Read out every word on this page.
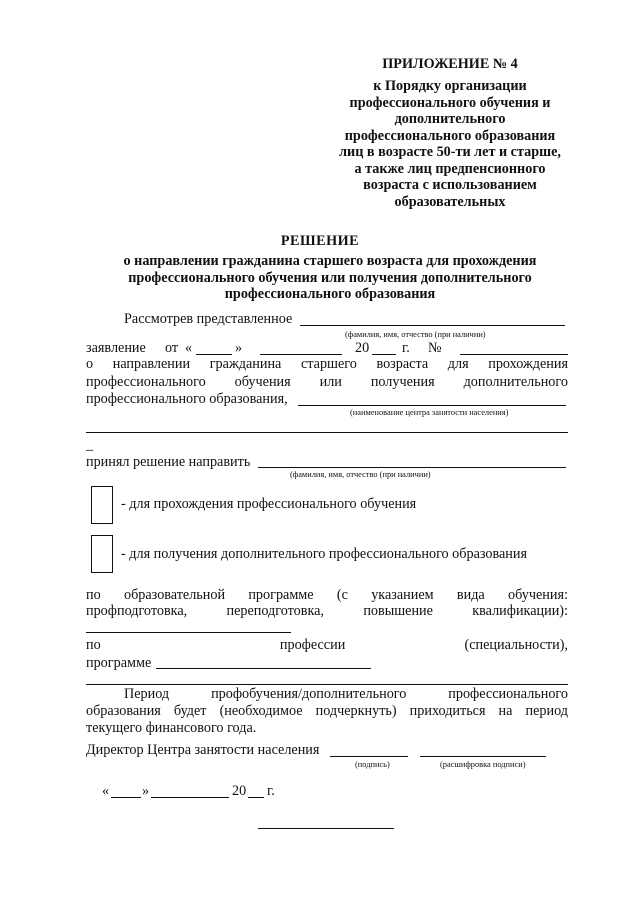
ПРИЛОЖЕНИЕ № 4
к Порядку организации
профессионального обучения и
дополнительного
профессионального образования
лиц в возрасте 50-ти лет и старше,
а также лиц предпенсионного
возраста с использованием
образовательных
РЕШЕНИЕ
о направлении гражданина старшего возраста для прохождения
профессионального обучения или получения дополнительного
профессионального образования
Рассмотрев представленное
(фамилия, имя, отчество (при наличии)
заявление от «	»	20 г. №
о направлении гражданина старшего возраста для прохождения
профессионального обучения или получения дополнительного
профессионального образования,
(наименование центра занятости населения)
_
принял решение направить
(фамилия, имя, отчество (при наличии)
- для прохождения профессионального обучения
- для получения дополнительного профессионального образования
по образовательной программе (с указанием вида обучения:
профподготовка,	переподготовка,	повышение	квалификации):
по	профессии	(специальности),
программе
Период	профобучения/дополнительного	профессионального
образования будет (необходимое подчеркнуть) приходиться на период
текущего финансового года.
Директор Центра занятости населения
(подпись)	(расшифровка подписи)
« »	20 г.
